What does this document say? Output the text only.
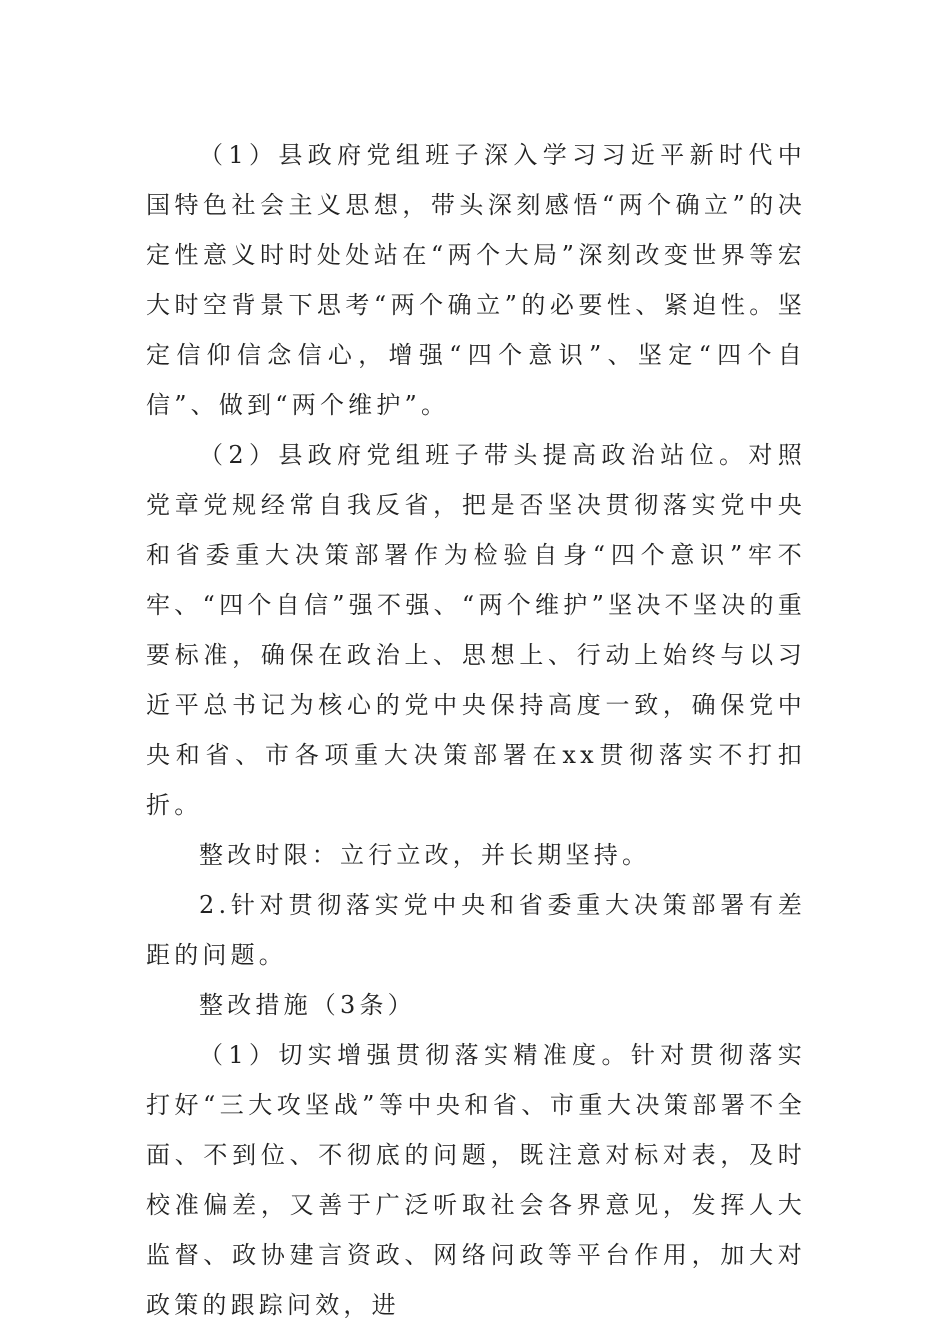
（1）县政府党组班子深入学习习近平新时代中国特色社会主义思想，带头深刻感悟“两个确立”的决定性意义时时处处站在“两个大局”深刻改变世界等宏大时空背景下思考“两个确立”的必要性、紧迫性。坚定信仰信念信心，增强“四个意识”、坚定“四个自信”、做到“两个维护”。

（2）县政府党组班子带头提高政治站位。对照党章党规经常自我反省，把是否坚决贯彻落实党中央和省委重大决策部署作为检验自身“四个意识”牢不牢、“四个自信”强不强、“两个维护”坚决不坚决的重要标准，确保在政治上、思想上、行动上始终与以习近平总书记为核心的党中央保持高度一致，确保党中央和省、市各项重大决策部署在xx贯彻落实不打扣折。

整改时限：立行立改，并长期坚持。

2.针对贯彻落实党中央和省委重大决策部署有差距的问题。

整改措施（3条）

（1）切实增强贯彻落实精准度。针对贯彻落实打好“三大攻坚战”等中央和省、市重大决策部署不全面、不到位、不彻底的问题，既注意对标对表，及时校准偏差，又善于广泛听取社会各界意见，发挥人大监督、政协建言资政、网络问政等平台作用，加大对政策的跟踪问效，进
